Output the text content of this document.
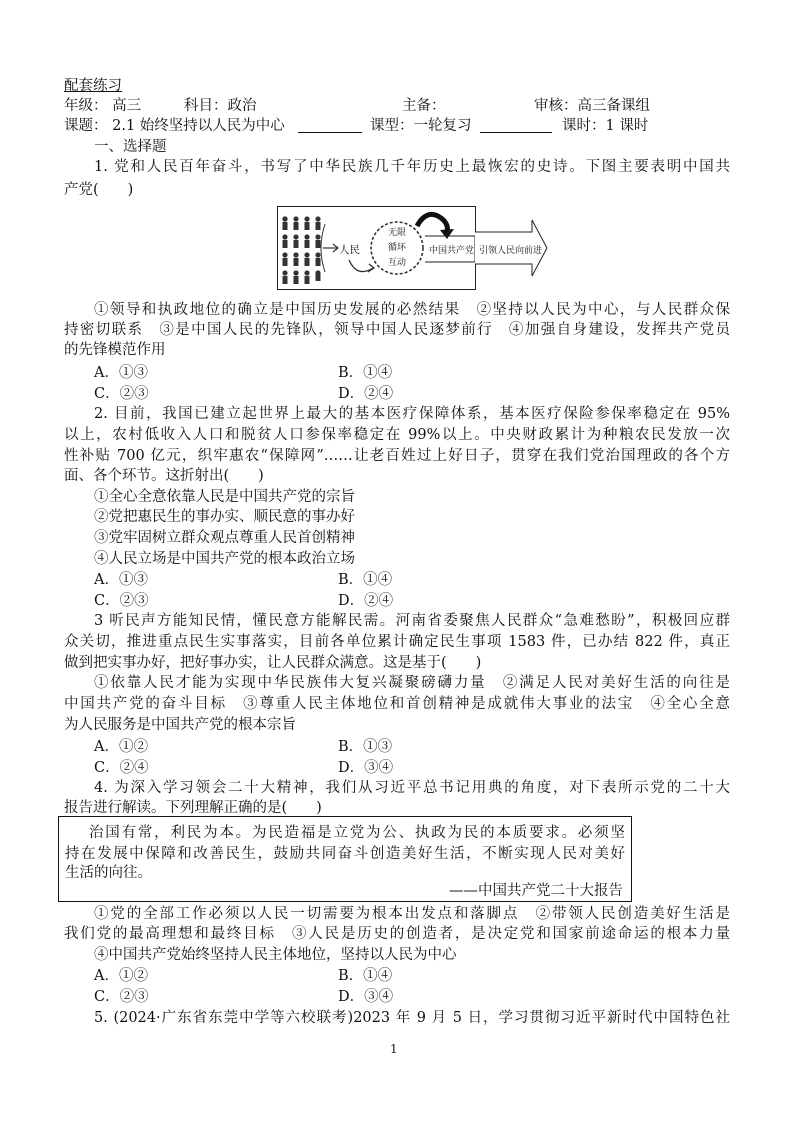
配套练习
年级： 高三	科目：政治	主备：	审核：高三备课组
课题： 2.1 始终坚持以人民为中心	课型：一轮复习	课时：1 课时
一、选择题
1. 党和人民百年奋斗，书写了中华民族几千年历史上最恢宏的史诗。下图主要表明中国共
产党(　　)
人民
无限
循环
互动
中国共产党 引领人民向前进
①领导和执政地位的确立是中国历史发展的必然结果　②坚持以人民为中心，与人民群众保
持密切联系　③是中国人民的先锋队，领导中国人民逐梦前行　④加强自身建设，发挥共产党员
的先锋模范作用
A．①③	B．①④
C．②③	D．②④
2. 目前，我国已建立起世界上最大的基本医疗保障体系，基本医疗保险参保率稳定在 95%
以上，农村低收入人口和脱贫人口参保率稳定在 99%以上。中央财政累计为种粮农民发放一次
性补贴 700 亿元，织牢惠农“保障网”……让老百姓过上好日子，贯穿在我们党治国理政的各个方
面、各个环节。这折射出(　　)
①全心全意依靠人民是中国共产党的宗旨
②党把惠民生的事办实、顺民意的事办好
③党牢固树立群众观点尊重人民首创精神
④人民立场是中国共产党的根本政治立场
A．①③	B．①④
C．②③	D．②④
3 听民声方能知民情，懂民意方能解民需。河南省委聚焦人民群众“急难愁盼”，积极回应群
众关切，推进重点民生实事落实，目前各单位累计确定民生事项 1583 件，已办结 822 件，真正
做到把实事办好，把好事办实，让人民群众满意。这是基于(　　)
①依靠人民才能为实现中华民族伟大复兴凝聚磅礴力量　②满足人民对美好生活的向往是
中国共产党的奋斗目标　③尊重人民主体地位和首创精神是成就伟大事业的法宝　④全心全意
为人民服务是中国共产党的根本宗旨
A．①②	B．①③
C．②④	D．③④
4. 为深入学习领会二十大精神，我们从习近平总书记用典的角度，对下表所示党的二十大
报告进行解读。下列理解正确的是(　　)
治国有常，利民为本。为民造福是立党为公、执政为民的本质要求。必须坚
持在发展中保障和改善民生，鼓励共同奋斗创造美好生活，不断实现人民对美好
生活的向往。
——中国共产党二十大报告
①党的全部工作必须以人民一切需要为根本出发点和落脚点　②带领人民创造美好生活是
我们党的最高理想和最终目标　③人民是历史的创造者，是决定党和国家前途命运的根本力量
④中国共产党始终坚持人民主体地位，坚持以人民为中心
A．①②	B．①④
C．②③	D．③④
5. (2024·广东省东莞中学等六校联考)2023 年 9 月 5 日，学习贯彻习近平新时代中国特色社
1
